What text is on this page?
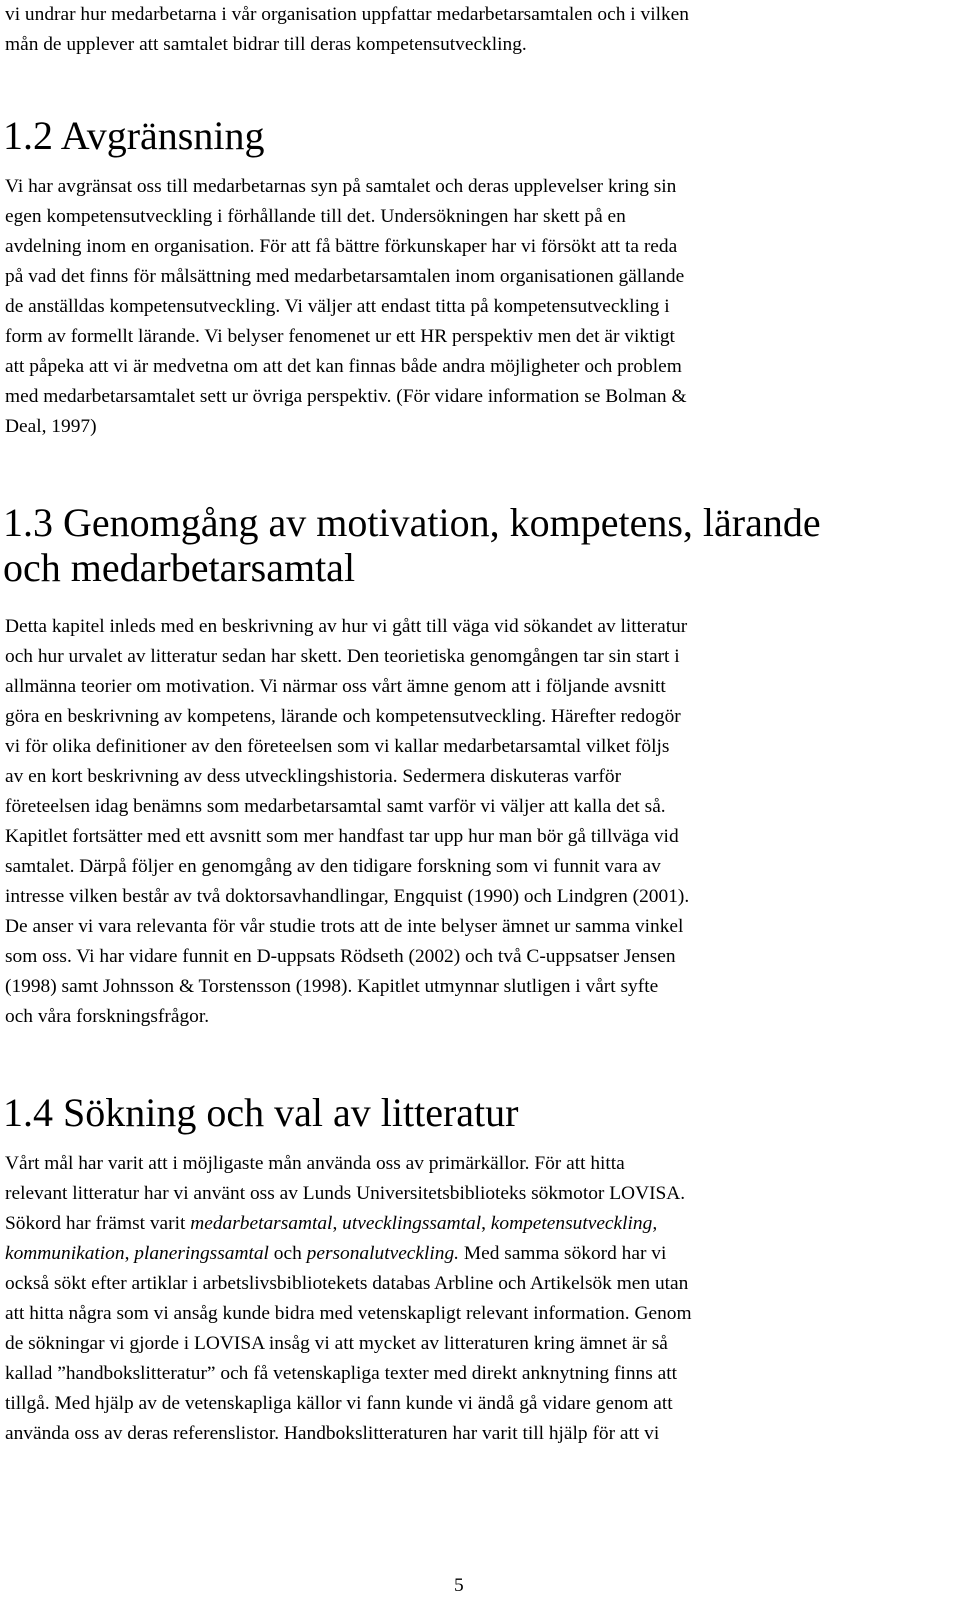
vi undrar hur medarbetarna i vår organisation uppfattar medarbetarsamtalen och i vilken
mån de upplever att samtalet bidrar till deras kompetensutveckling.
1.2 Avgränsning
Vi har avgränsat oss till medarbetarnas syn på samtalet och deras upplevelser kring sin
egen kompetensutveckling i förhållande till det. Undersökningen har skett på en
avdelning inom en organisation. För att få bättre förkunskaper har vi försökt att ta reda
på vad det finns för målsättning med medarbetarsamtalen inom organisationen gällande
de anställdas kompetensutveckling. Vi väljer att endast titta på kompetensutveckling i
form av formellt lärande. Vi belyser fenomenet ur ett HR perspektiv men det är viktigt
att påpeka att vi är medvetna om att det kan finnas både andra möjligheter och problem
med medarbetarsamtalet sett ur övriga perspektiv. (För vidare information se Bolman &
Deal, 1997)
1.3 Genomgång av motivation, kompetens, lärande
och medarbetarsamtal
Detta kapitel inleds med en beskrivning av hur vi gått till väga vid sökandet av litteratur
och hur urvalet av litteratur sedan har skett. Den teorietiska genomgången tar sin start i
allmänna teorier om motivation. Vi närmar oss vårt ämne genom att i följande avsnitt
göra en beskrivning av kompetens, lärande och kompetensutveckling. Härefter redogör
vi för olika definitioner av den företeelsen som vi kallar medarbetarsamtal vilket följs
av en kort beskrivning av dess utvecklingshistoria. Sedermera diskuteras varför
företeelsen idag benämns som medarbetarsamtal samt varför vi väljer att kalla det så.
Kapitlet fortsätter med ett avsnitt som mer handfast tar upp hur man bör gå tillväga vid
samtalet. Därpå följer en genomgång av den tidigare forskning som vi funnit vara av
intresse vilken består av två doktorsavhandlingar, Engquist (1990) och Lindgren (2001).
De anser vi vara relevanta för vår studie trots att de inte belyser ämnet ur samma vinkel
som oss. Vi har vidare funnit en D-uppsats Rödseth (2002) och två C-uppsatser Jensen
(1998) samt Johnsson & Torstensson (1998). Kapitlet utmynnar slutligen i vårt syfte
och våra forskningsfrågor.
1.4 Sökning och val av litteratur
Vårt mål har varit att i möjligaste mån använda oss av primärkällor. För att hitta
relevant litteratur har vi använt oss av Lunds Universitetsbiblioteks sökmotor LOVISA.
Sökord har främst varit medarbetarsamtal, utvecklingssamtal, kompetensutveckling,
kommunikation, planeringssamtal och personalutveckling. Med samma sökord har vi
också sökt efter artiklar i arbetslivsbibliotekets databas Arbline och Artikelsök men utan
att hitta några som vi ansåg kunde bidra med vetenskapligt relevant information. Genom
de sökningar vi gjorde i LOVISA insåg vi att mycket av litteraturen kring ämnet är så
kallad ”handbokslitteratur” och få vetenskapliga texter med direkt anknytning finns att
tillgå. Med hjälp av de vetenskapliga källor vi fann kunde vi ändå gå vidare genom att
använda oss av deras referenslistor. Handbokslitteraturen har varit till hjälp för att vi
5
